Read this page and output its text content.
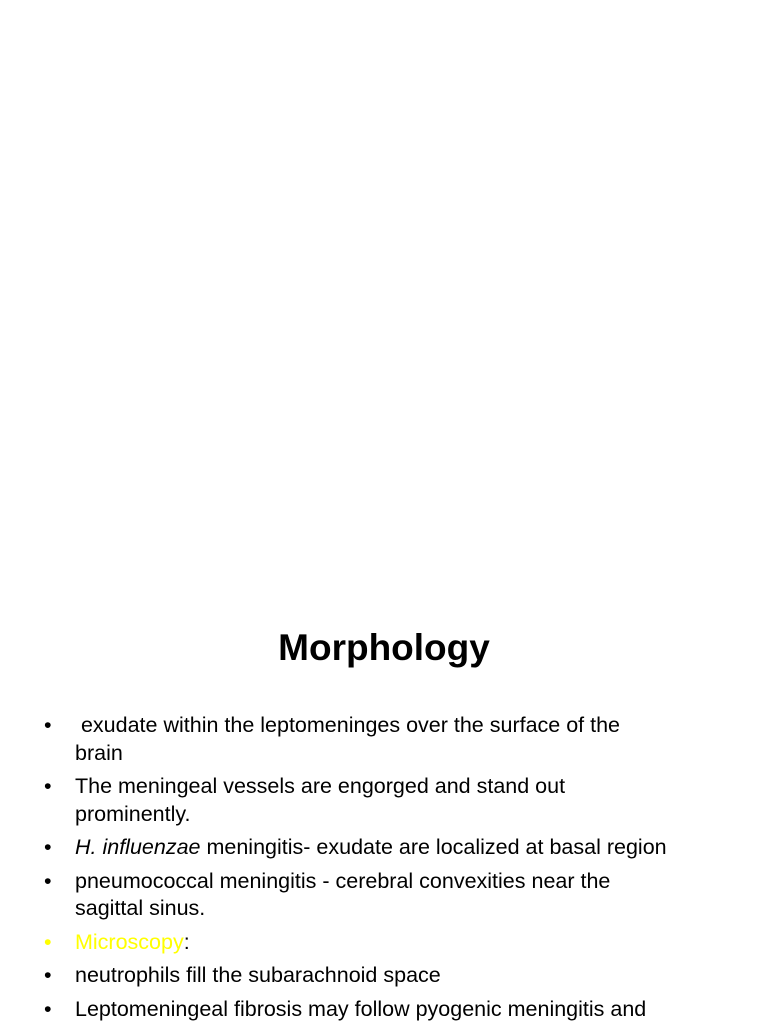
Morphology
• exudate within the leptomeninges over the surface of the
brain
• The meningeal vessels are engorged and stand out
prominently.
• H. influenzae meningitis- exudate are localized at basal region
• pneumococcal meningitis - cerebral convexities near the
sagittal sinus.
• Microscopy:
• neutrophils fill the subarachnoid space
• Leptomeningeal fibrosis may follow pyogenic meningitis and
